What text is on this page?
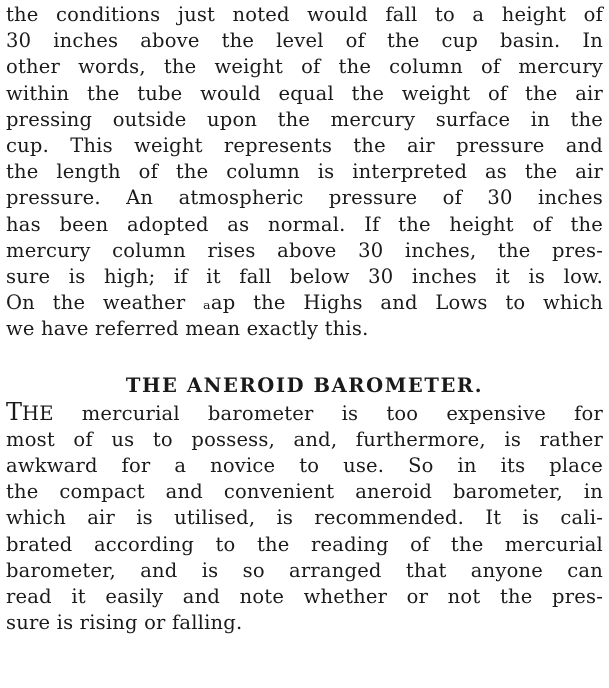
the conditions just noted would fall to a height of
30 inches above the level of the cup basin. In
other words, the weight of the column of mercury
within the tube would equal the weight of the air
pressing outside upon the mercury surface in the
cup. This weight represents the air pressure and
the length of the column is interpreted as the air
pressure. An atmospheric pressure of 30 inches
has been adopted as normal. If the height of the
mercury column rises above 30 inches, the pres-
sure is high; if it fall below 30 inches it is low.
On the weather ₐap the Highs and Lows to which
we have referred mean exactly this.
THE ANEROID BAROMETER.
THE mercurial barometer is too expensive for
most of us to possess, and, furthermore, is rather
awkward for a novice to use. So in its place
the compact and convenient aneroid barometer, in
which air is utilised, is recommended. It is cali-
brated according to the reading of the mercurial
barometer, and is so arranged that anyone can
read it easily and note whether or not the pres-
sure is rising or falling.
